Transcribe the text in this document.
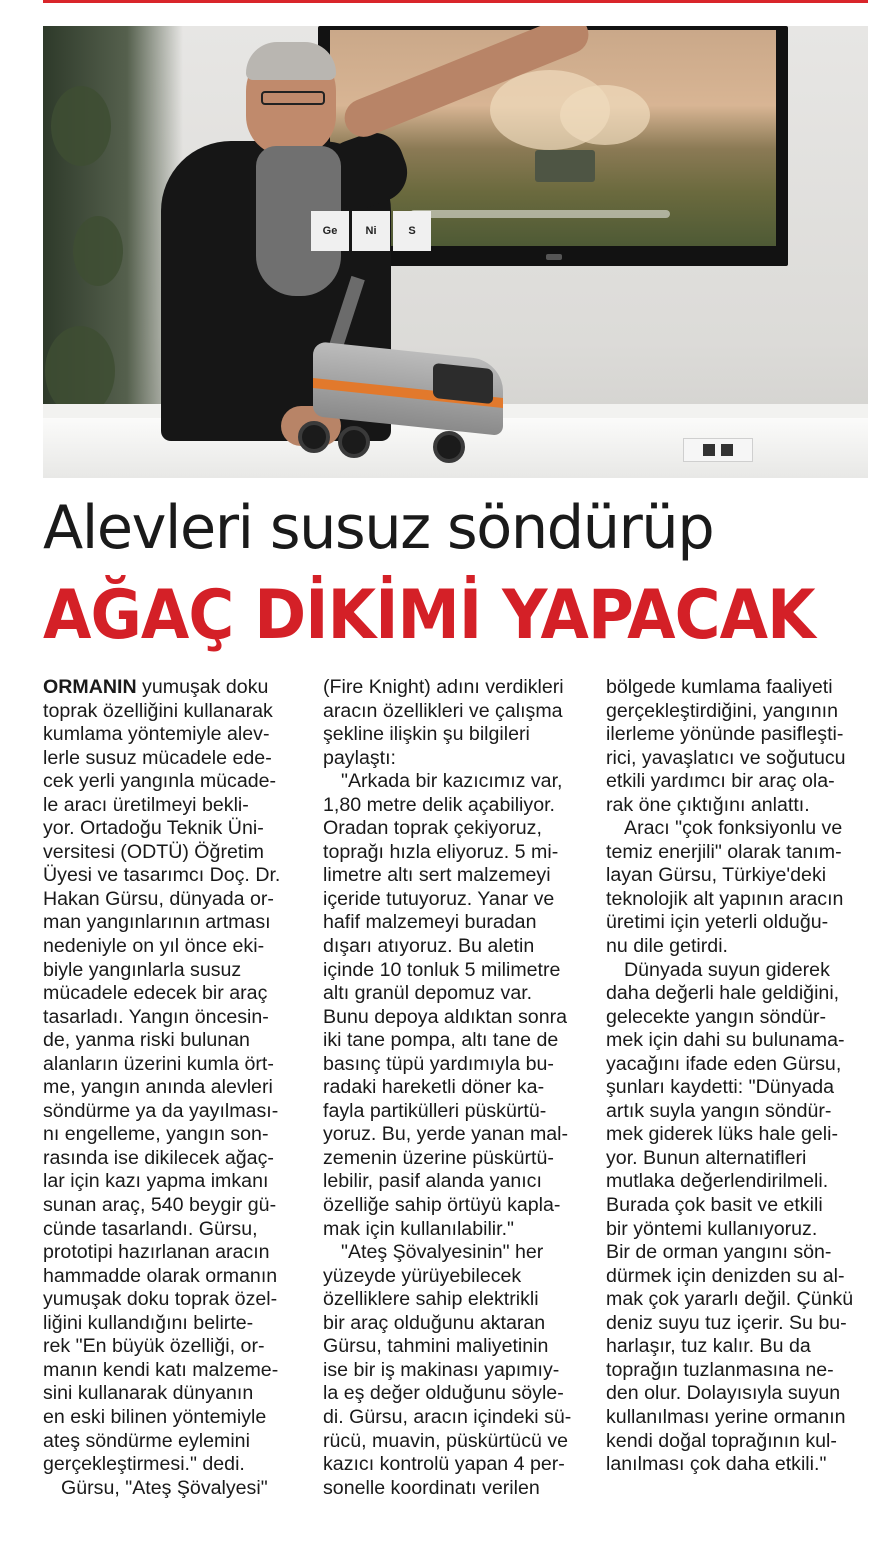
Ge	Ni	S
Alevleri susuz söndürüp
AĞAÇ DİKİMİ YAPACAK
ORMANIN yumuşak doku
toprak özelliğini kullanarak
kumlama yöntemiyle alev-
lerle susuz mücadele ede-
cek yerli yangınla mücade-
le aracı üretilmeyi bekli-
yor. Ortadoğu Teknik Üni-
versitesi (ODTÜ) Öğretim
Üyesi ve tasarımcı Doç. Dr.
Hakan Gürsu, dünyada or-
man yangınlarının artması
nedeniyle on yıl önce eki-
biyle yangınlarla susuz
mücadele edecek bir araç
tasarladı. Yangın öncesin-
de, yanma riski bulunan
alanların üzerini kumla ört-
me, yangın anında alevleri
söndürme ya da yayılması-
nı engelleme, yangın son-
rasında ise dikilecek ağaç-
lar için kazı yapma imkanı
sunan araç, 540 beygir gü-
cünde tasarlandı. Gürsu,
prototipi hazırlanan aracın
hammadde olarak ormanın
yumuşak doku toprak özel-
liğini kullandığını belirte-
rek "En büyük özelliği, or-
manın kendi katı malzeme-
sini kullanarak dünyanın
en eski bilinen yöntemiyle
ateş söndürme eylemini
gerçekleştirmesi." dedi.
Gürsu, "Ateş Şövalyesi"
(Fire Knight) adını verdikleri
aracın özellikleri ve çalışma
şekline ilişkin şu bilgileri
paylaştı:
"Arkada bir kazıcımız var,
1,80 metre delik açabiliyor.
Oradan toprak çekiyoruz,
toprağı hızla eliyoruz. 5 mi-
limetre altı sert malzemeyi
içeride tutuyoruz. Yanar ve
hafif malzemeyi buradan
dışarı atıyoruz. Bu aletin
içinde 10 tonluk 5 milimetre
altı granül depomuz var.
Bunu depoya aldıktan sonra
iki tane pompa, altı tane de
basınç tüpü yardımıyla bu-
radaki hareketli döner ka-
fayla partikülleri püskürtü-
yoruz. Bu, yerde yanan mal-
zemenin üzerine püskürtü-
lebilir, pasif alanda yanıcı
özelliğe sahip örtüyü kapla-
mak için kullanılabilir."
"Ateş Şövalyesinin" her
yüzeyde yürüyebilecek
özelliklere sahip elektrikli
bir araç olduğunu aktaran
Gürsu, tahmini maliyetinin
ise bir iş makinası yapımıy-
la eş değer olduğunu söyle-
di. Gürsu, aracın içindeki sü-
rücü, muavin, püskürtücü ve
kazıcı kontrolü yapan 4 per-
sonelle koordinatı verilen
bölgede kumlama faaliyeti
gerçekleştirdiğini, yangının
ilerleme yönünde pasifleşti-
rici, yavaşlatıcı ve soğutucu
etkili yardımcı bir araç ola-
rak öne çıktığını anlattı.
Aracı "çok fonksiyonlu ve
temiz enerjili" olarak tanım-
layan Gürsu, Türkiye'deki
teknolojik alt yapının aracın
üretimi için yeterli olduğu-
nu dile getirdi.
Dünyada suyun giderek
daha değerli hale geldiğini,
gelecekte yangın söndür-
mek için dahi su bulunama-
yacağını ifade eden Gürsu,
şunları kaydetti: "Dünyada
artık suyla yangın söndür-
mek giderek lüks hale geli-
yor. Bunun alternatifleri
mutlaka değerlendirilmeli.
Burada çok basit ve etkili
bir yöntemi kullanıyoruz.
Bir de orman yangını sön-
dürmek için denizden su al-
mak çok yararlı değil. Çünkü
deniz suyu tuz içerir. Su bu-
harlaşır, tuz kalır. Bu da
toprağın tuzlanmasına ne-
den olur. Dolayısıyla suyun
kullanılması yerine ormanın
kendi doğal toprağının kul-
lanılması çok daha etkili."
